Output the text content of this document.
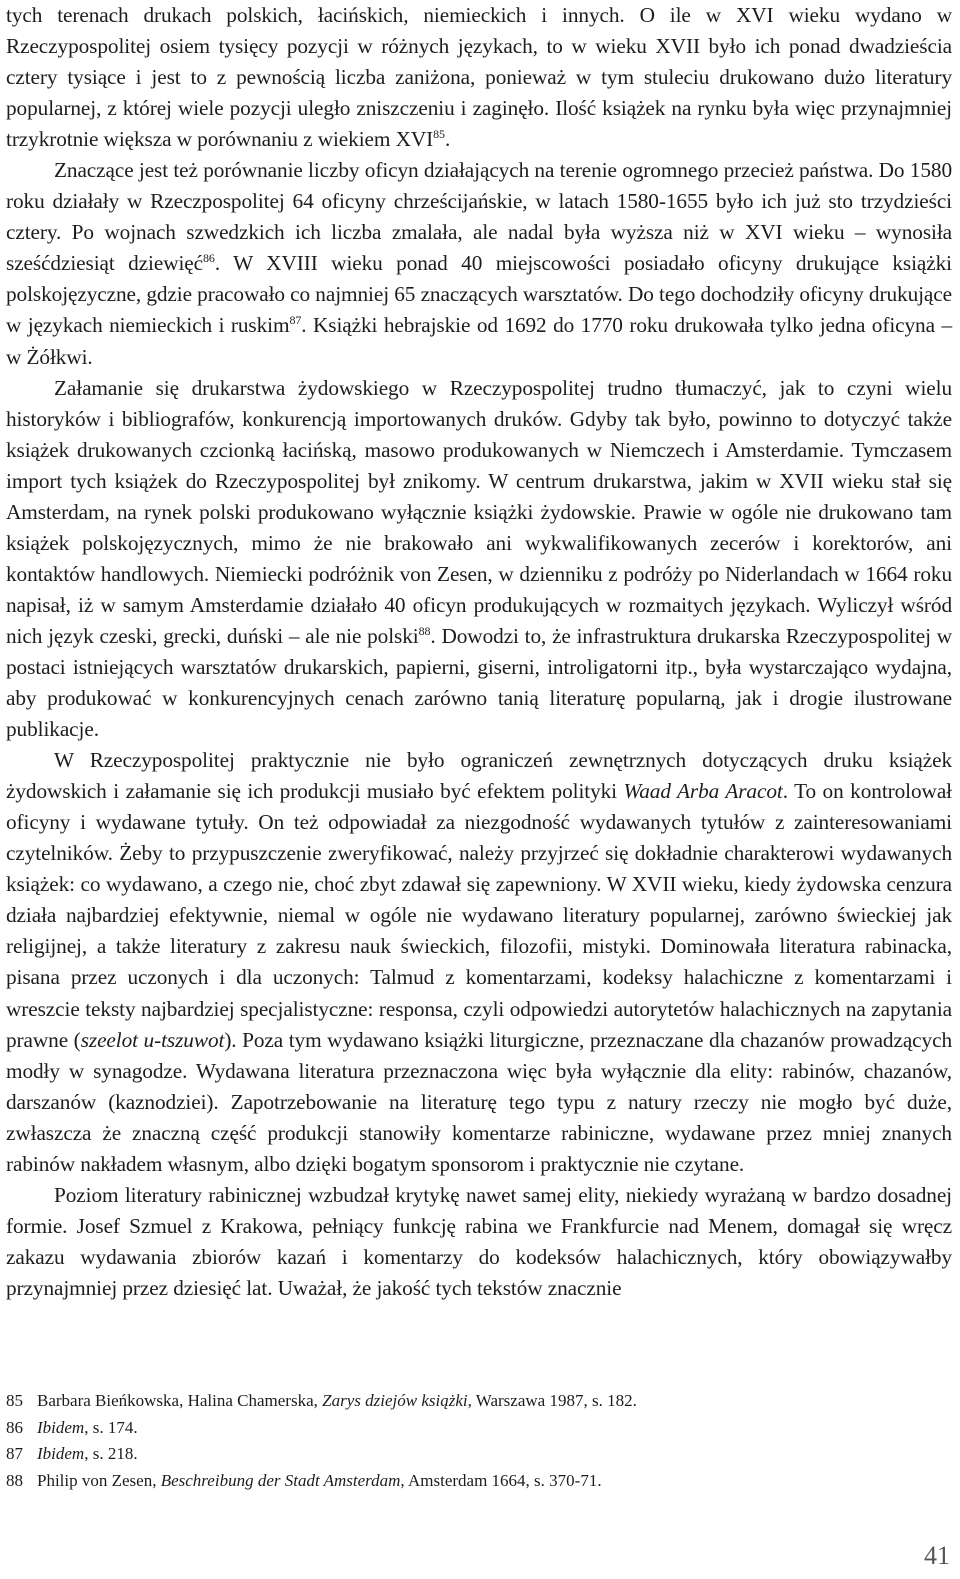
tych terenach drukach polskich, łacińskich, niemieckich i innych. O ile w XVI wieku wydano w Rzeczypospolitej osiem tysięcy pozycji w różnych językach, to w wieku XVII było ich ponad dwadzieścia cztery tysiące i jest to z pewnością liczba zaniżona, ponieważ w tym stuleciu drukowano dużo literatury popularnej, z której wiele pozycji uległo zniszczeniu i zaginęło. Ilość książek na rynku była więc przynajmniej trzykrotnie większa w porównaniu z wiekiem XVI$^{85}$.

Znaczące jest też porównanie liczby oficyn działających na terenie ogromnego przecież państwa. Do 1580 roku działały w Rzeczpospolitej 64 oficyny chrześcijańskie, w latach 1580-1655 było ich już sto trzydzieści cztery. Po wojnach szwedzkich ich liczba zmalała, ale nadal była wyższa niż w XVI wieku – wynosiła sześćdziesiąt dziewięć$^{86}$. W XVIII wieku ponad 40 miejscowości posiadało oficyny drukujące książki polskojęzyczne, gdzie pracowało co najmniej 65 znaczących warsztatów. Do tego dochodziły oficyny drukujące w językach niemieckich i ruskim$^{87}$. Książki hebrajskie od 1692 do 1770 roku drukowała tylko jedna oficyna – w Żółkwi.

Załamanie się drukarstwa żydowskiego w Rzeczypospolitej trudno tłumaczyć, jak to czyni wielu historyków i bibliografów, konkurencją importowanych druków. Gdyby tak było, powinno to dotyczyć także książek drukowanych czcionką łacińską, masowo produkowanych w Niemczech i Amsterdamie. Tymczasem import tych książek do Rzeczypospolitej był znikomy. W centrum drukarstwa, jakim w XVII wieku stał się Amsterdam, na rynek polski produkowano wyłącznie książki żydowskie. Prawie w ogóle nie drukowano tam książek polskojęzycznych, mimo że nie brakowało ani wykwalifikowanych zecerów i korektorów, ani kontaktów handlowych. Niemiecki podróżnik von Zesen, w dzienniku z podróży po Niderlandach w 1664 roku napisał, iż w samym Amsterdamie działało 40 oficyn produkujących w rozmaitych językach. Wyliczył wśród nich język czeski, grecki, duński – ale nie polski$^{88}$. Dowodzi to, że infrastruktura drukarska Rzeczypospolitej w postaci istniejących warsztatów drukarskich, papierni, giserni, introligatorni itp., była wystarczająco wydajna, aby produkować w konkurencyjnych cenach zarówno tanią literaturę popularną, jak i drogie ilustrowane publikacje.

W Rzeczypospolitej praktycznie nie było ograniczeń zewnętrznych dotyczących druku książek żydowskich i załamanie się ich produkcji musiało być efektem polityki Waad Arba Aracot. To on kontrolował oficyny i wydawane tytuły. On też odpowiadał za niezgodność wydawanych tytułów z zainteresowaniami czytelników. Żeby to przypuszczenie zweryfikować, należy przyjrzeć się dokładnie charakterowi wydawanych książek: co wydawano, a czego nie, choć zbyt zdawał się zapewniony. W XVII wieku, kiedy żydowska cenzura działa najbardziej efektywnie, niemal w ogóle nie wydawano literatury popularnej, zarówno świeckiej jak religijnej, a także literatury z zakresu nauk świeckich, filozofii, mistyki. Dominowała literatura rabinacka, pisana przez uczonych i dla uczonych: Talmud z komentarzami, kodeksy halachiczne z komentarzami i wreszcie teksty najbardziej specjalistyczne: responsa, czyli odpowiedzi autorytetów halachicznych na zapytania prawne (szeelot u-tszuwot). Poza tym wydawano książki liturgiczne, przeznaczane dla chazanów prowadzących modły w synagodze. Wydawana literatura przeznaczona więc była wyłącznie dla elity: rabinów, chazanów, darszanów (kaznodziei). Zapotrzebowanie na literaturę tego typu z natury rzeczy nie mogło być duże, zwłaszcza że znaczną część produkcji stanowiły komentarze rabiniczne, wydawane przez mniej znanych rabinów nakładem własnym, albo dzięki bogatym sponsorom i praktycznie nie czytane.

Poziom literatury rabinicznej wzbudzał krytykę nawet samej elity, niekiedy wyrażaną w bardzo dosadnej formie. Josef Szmuel z Krakowa, pełniący funkcję rabina we Frankfurcie nad Menem, domagał się wręcz zakazu wydawania zbiorów kazań i komentarzy do kodeksów halachicznych, który obowiązywałby przynajmniej przez dziesięć lat. Uważał, że jakość tych tekstów znacznie

85 Barbara Bieńkowska, Halina Chamerska, Zarys dziejów książki, Warszawa 1987, s. 182.
86 Ibidem, s. 174.
87 Ibidem, s. 218.
88 Philip von Zesen, Beschreibung der Stadt Amsterdam, Amsterdam 1664, s. 370-71.
41
